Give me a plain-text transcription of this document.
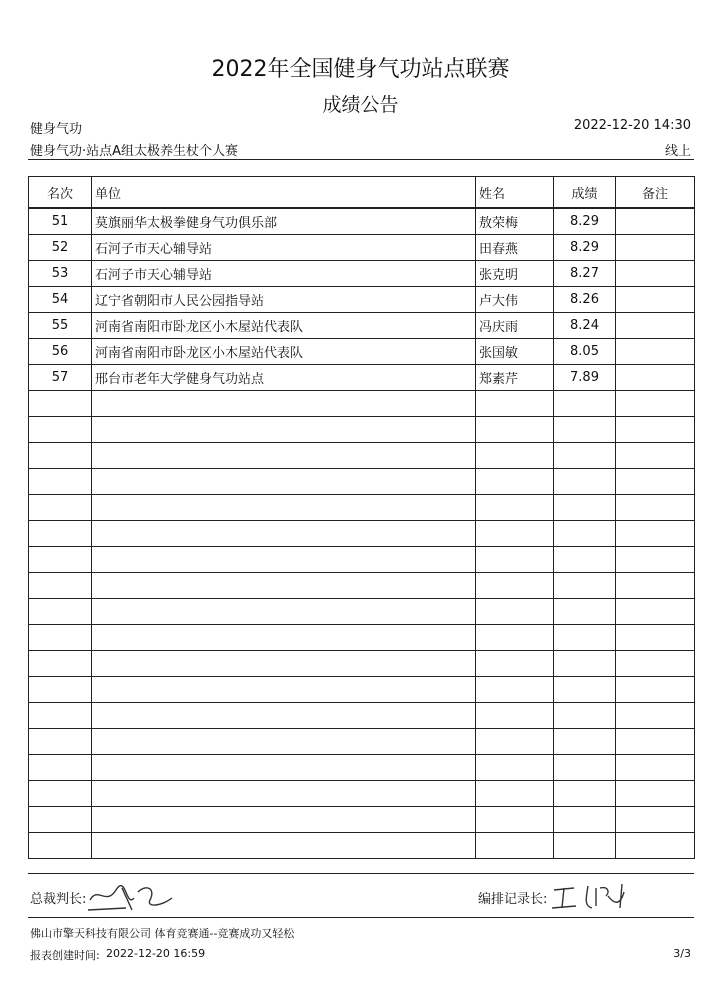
2022年全国健身气功站点联赛
成绩公告
健身气功	2022-12-20 14:30
健身气功·站点A组太极养生杖个人赛	线上
名次	单位	姓名	成绩	备注
51	莫旗丽华太极拳健身气功俱乐部	敖荣梅	8.29	
52	石河子市天心辅导站	田春燕	8.29	
53	石河子市天心辅导站	张克明	8.27	
54	辽宁省朝阳市人民公园指导站	卢大伟	8.26	
55	河南省南阳市卧龙区小木屋站代表队	冯庆雨	8.24	
56	河南省南阳市卧龙区小木屋站代表队	张国敏	8.05	
57	邢台市老年大学健身气功站点	郑素芹	7.89	

总裁判长:	编排记录长:
佛山市擎天科技有限公司 体育竞赛通--竞赛成功又轻松
报表创建时间: 2022-12-20 16:59	3/3
